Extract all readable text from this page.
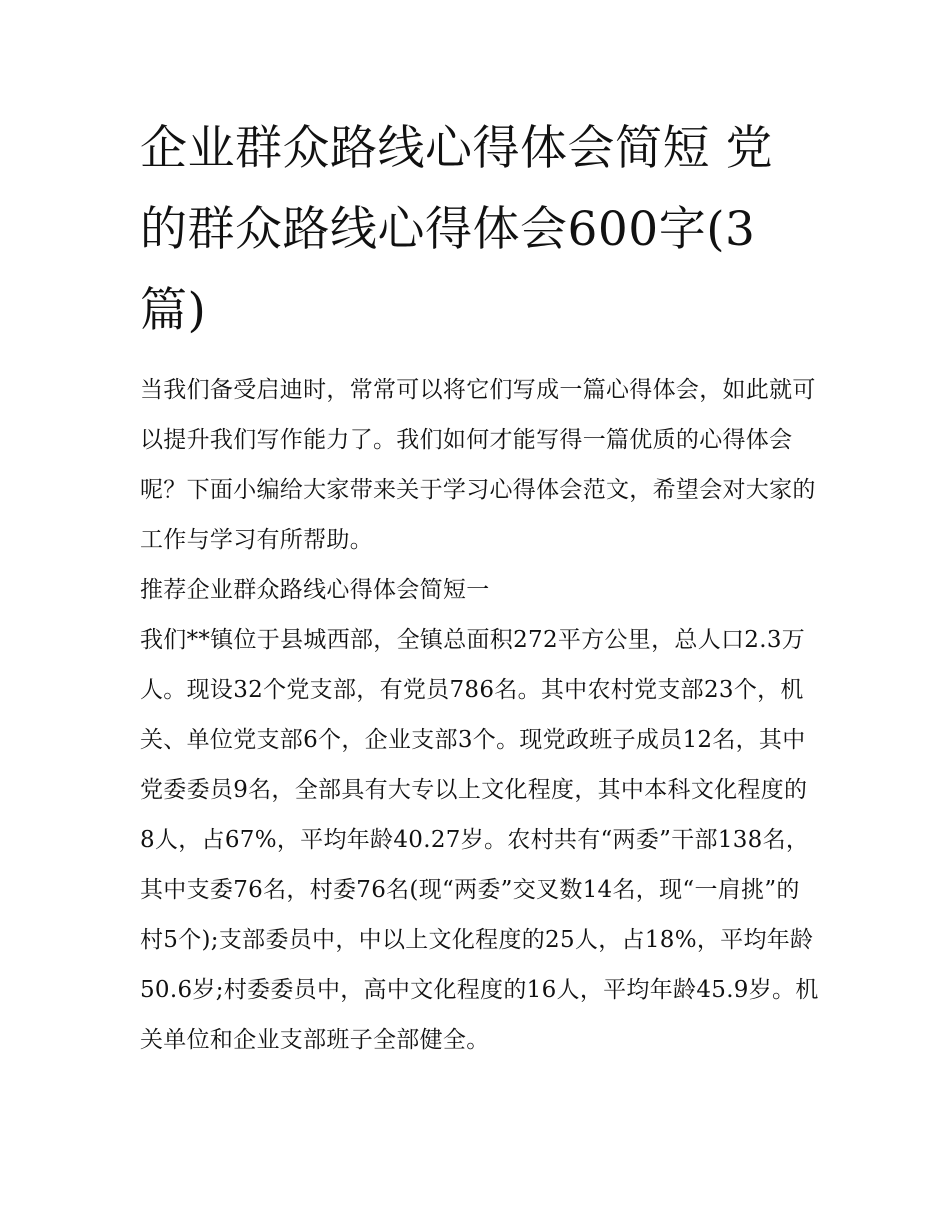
企业群众路线心得体会简短 党的群众路线心得体会600字(3篇)

当我们备受启迪时，常常可以将它们写成一篇心得体会，如此就可以提升我们写作能力了。我们如何才能写得一篇优质的心得体会呢？下面小编给大家带来关于学习心得体会范文，希望会对大家的工作与学习有所帮助。

推荐企业群众路线心得体会简短一

我们**镇位于县城西部，全镇总面积272平方公里，总人口2.3万人。现设32个党支部，有党员786名。其中农村党支部23个，机关、单位党支部6个，企业支部3个。现党政班子成员12名，其中党委委员9名，全部具有大专以上文化程度，其中本科文化程度的8人，占67%，平均年龄40.27岁。农村共有“两委”干部138名，其中支委76名，村委76名(现“两委”交叉数14名，现“一肩挑”的村5个);支部委员中，中以上文化程度的25人，占18%，平均年龄50.6岁;村委委员中，高中文化程度的16人，平均年龄45.9岁。机关单位和企业支部班子全部健全。
